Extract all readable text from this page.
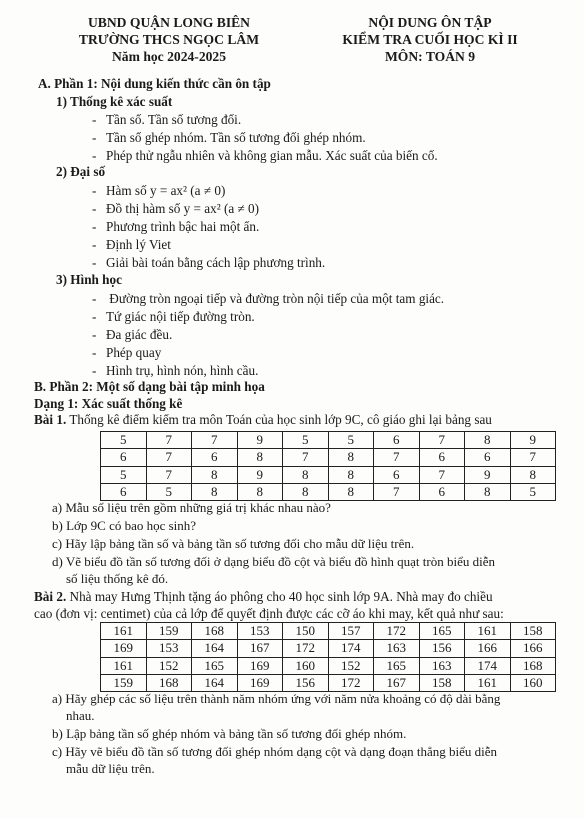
UBND QUẬN LONG BIÊN
TRƯỜNG THCS NGỌC LÂM
Năm học 2024-2025
NỘI DUNG ÔN TẬP
KIỂM TRA CUỐI HỌC KÌ II
MÔN: TOÁN 9
A. Phần 1: Nội dung kiến thức cần ôn tập
1) Thống kê xác suất
- Tần số. Tần số tương đối.
- Tần số ghép nhóm. Tần số tương đối ghép nhóm.
- Phép thử ngẫu nhiên và không gian mẫu. Xác suất của biến cố.
2) Đại số
- Hàm số y = ax² (a ≠ 0)
- Đồ thị hàm số y = ax² (a ≠ 0)
- Phương trình bậc hai một ẩn.
- Định lý Viet
- Giải bài toán bằng cách lập phương trình.
3) Hình học
- Đường tròn ngoại tiếp và đường tròn nội tiếp của một tam giác.
- Tứ giác nội tiếp đường tròn.
- Đa giác đều.
- Phép quay
- Hình trụ, hình nón, hình cầu.
B. Phần 2: Một số dạng bài tập minh họa
Dạng 1: Xác suất thống kê
Bài 1. Thống kê điểm kiểm tra môn Toán của học sinh lớp 9C, cô giáo ghi lại bảng sau
5	7	7	9	5	5	6	7	8	9
6	7	6	8	7	8	7	6	6	7
5	7	8	9	8	8	6	7	9	8
6	5	8	8	8	8	7	6	8	5
a) Mẫu số liệu trên gồm những giá trị khác nhau nào?
b) Lớp 9C có bao học sinh?
c) Hãy lập bảng tần số và bảng tần số tương đối cho mẫu dữ liệu trên.
d) Vẽ biểu đồ tần số tương đối ở dạng biểu đồ cột và biểu đồ hình quạt tròn biểu diễn
số liệu thống kê đó.
Bài 2. Nhà may Hưng Thịnh tặng áo phông cho 40 học sinh lớp 9A. Nhà may đo chiều
cao (đơn vị: centimet) của cả lớp để quyết định được các cỡ áo khi may, kết quả như sau:
161	159	168	153	150	157	172	165	161	158
169	153	164	167	172	174	163	156	166	166
161	152	165	169	160	152	165	163	174	168
159	168	164	169	156	172	167	158	161	160
a) Hãy ghép các số liệu trên thành năm nhóm ứng với năm nửa khoảng có độ dài bằng
nhau.
b) Lập bảng tần số ghép nhóm và bảng tần số tương đối ghép nhóm.
c) Hãy vẽ biểu đồ tần số tương đối ghép nhóm dạng cột và dạng đoạn thẳng biểu diễn
mẫu dữ liệu trên.
